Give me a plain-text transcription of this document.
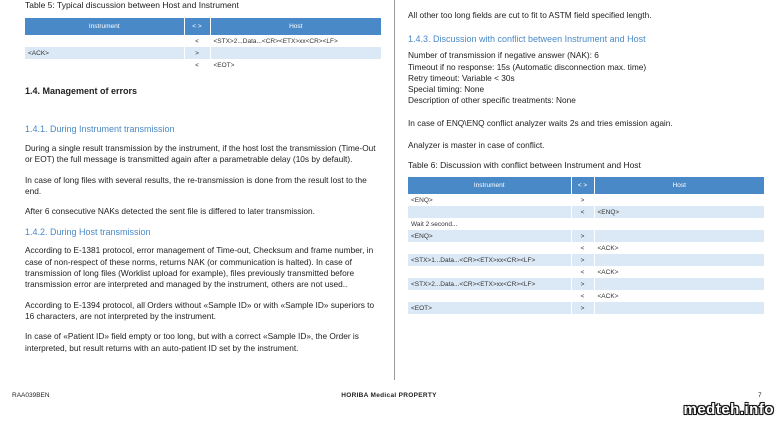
Table 5: Typical discussion between Host and Instrument
Instrument	< >	Host
	<	<STX>2...Data...<CR><ETX>xx<CR><LF>
<ACK>	>	
	<	<EOT>
1.4. Management of errors
1.4.1. During Instrument transmission

During a single result transmission by the instrument, if the host lost the transmission (Time-Out or EOT) the full message is transmitted again after a parametrable delay (10s by default).

In case of long files with several results, the re-transmission is done from the result lost to the end.

After 6 consecutive NAKs detected the sent file is differed to later transmission.

1.4.2. During Host transmission

According to E-1381 protocol, error management of Time-out, Checksum and frame number, in case of non-respect of these norms, returns NAK (or communication is halted). In case of transmission of long files (Worklist upload for example), files previously transmitted before transmission error are interpreted and managed by the instrument, others are not used..

According to E-1394 protocol, all Orders without «Sample ID» or with «Sample ID» superiors to 16 characters, are not interpreted by the instrument.

In case of «Patient ID» field empty or too long, but with a correct «Sample ID», the Order is interpreted, but result returns with an auto-patient ID set by the instrument.

All other too long fields are cut to fit to ASTM field specified length.

1.4.3. Discussion with conflict between Instrument and Host

Number of transmission if negative answer (NAK): 6

Timeout if no response: 15s (Automatic disconnection max. time)

Retry timeout: Variable < 30s

Special timing: None

Description of other specific treatments: None

In case of ENQ\ENQ conflict analyzer waits 2s and tries emission again.

Analyzer is master in case of conflict.

Table 6: Discussion with conflict between Instrument and Host
Instrument	< >	Host
<ENQ>	>	
	<	<ENQ>
Wait 2 second...		
<ENQ>	>	
	<	<ACK>
<STX>1...Data...<CR><ETX>xx<CR><LF>	>	
	<	<ACK>
<STX>2...Data...<CR><ETX>xx<CR><LF>	>	
	<	<ACK>
<EOT>	>	
RAA039BEN	HORIBA Medical PROPERTY	7
medteh.info
